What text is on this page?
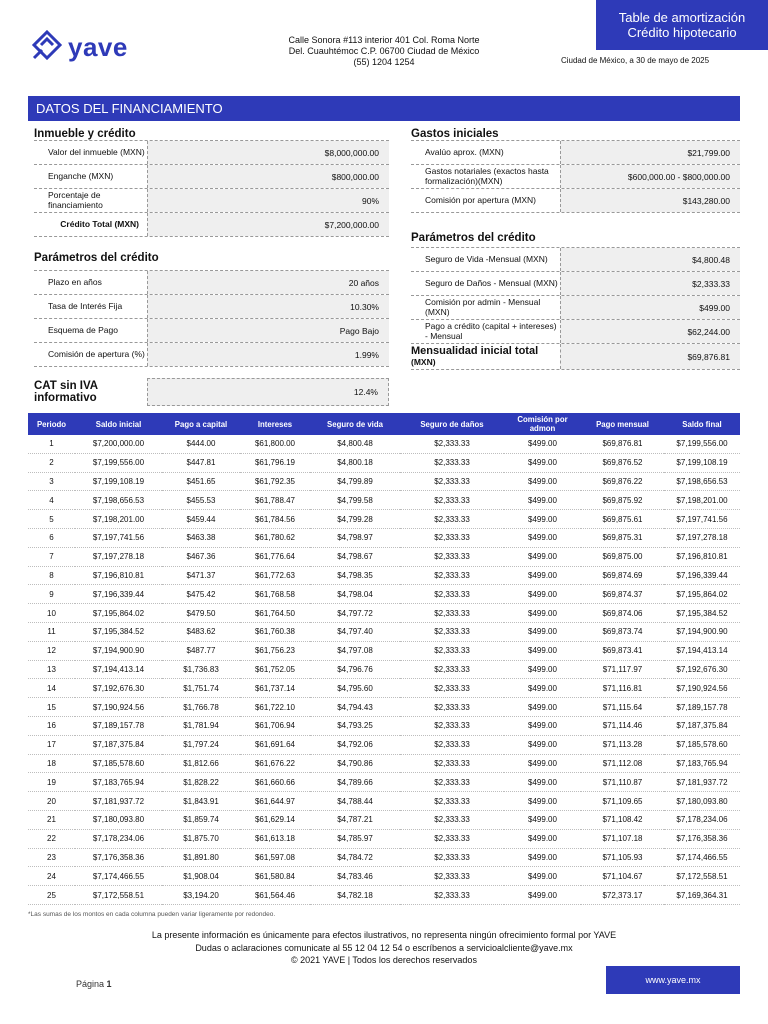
yave	Calle Sonora #113 interior 401 Col. Roma Norte
Del. Cuauhtémoc C.P. 06700 Ciudad de México
(55) 1204 1254	Ciudad de México, a 30 de mayo de 2025
Table de amortización
Crédito hipotecario
DATOS DEL FINANCIAMIENTO
Inmueble y crédito
Valor del inmueble (MXN)	$8,000,000.00
Enganche (MXN)	$800,000.00
Porcentaje de financiamiento	90%
Crédito Total (MXN)	$7,200,000.00
Parámetros del crédito
Plazo en años	20 años
Tasa de Interés Fija	10.30%
Esquema de Pago	Pago Bajo
Comisión de apertura (%)	1.99%
CAT sin IVA informativo	12.4%
Gastos iniciales
Avalúo aprox. (MXN)	$21,799.00
Gastos notariales (exactos hasta formalización)(MXN)	$600,000.00 - $800,000.00
Comisión por apertura (MXN)	$143,280.00
Parámetros del crédito
Seguro de Vida -Mensual (MXN)	$4,800.48
Seguro de Daños - Mensual (MXN)	$2,333.33
Comisión por admin - Mensual (MXN)	$499.00
Pago a crédito (capital + intereses) - Mensual	$62,244.00
Mensualidad inicial total
(MXN)	$69,876.81
Periodo	Saldo inicial	Pago a capital	Intereses	Seguro de vida	Seguro de daños	Comisión por admon	Pago mensual	Saldo final
1	$7,200,000.00	$444.00	$61,800.00	$4,800.48	$2,333.33	$499.00	$69,876.81	$7,199,556.00
2	$7,199,556.00	$447.81	$61,796.19	$4,800.18	$2,333.33	$499.00	$69,876.52	$7,199,108.19
3	$7,199,108.19	$451.65	$61,792.35	$4,799.89	$2,333.33	$499.00	$69,876.22	$7,198,656.53
4	$7,198,656.53	$455.53	$61,788.47	$4,799.58	$2,333.33	$499.00	$69,875.92	$7,198,201.00
5	$7,198,201.00	$459.44	$61,784.56	$4,799.28	$2,333.33	$499.00	$69,875.61	$7,197,741.56
6	$7,197,741.56	$463.38	$61,780.62	$4,798.97	$2,333.33	$499.00	$69,875.31	$7,197,278.18
7	$7,197,278.18	$467.36	$61,776.64	$4,798.67	$2,333.33	$499.00	$69,875.00	$7,196,810.81
8	$7,196,810.81	$471.37	$61,772.63	$4,798.35	$2,333.33	$499.00	$69,874.69	$7,196,339.44
9	$7,196,339.44	$475.42	$61,768.58	$4,798.04	$2,333.33	$499.00	$69,874.37	$7,195,864.02
10	$7,195,864.02	$479.50	$61,764.50	$4,797.72	$2,333.33	$499.00	$69,874.06	$7,195,384.52
11	$7,195,384.52	$483.62	$61,760.38	$4,797.40	$2,333.33	$499.00	$69,873.74	$7,194,900.90
12	$7,194,900.90	$487.77	$61,756.23	$4,797.08	$2,333.33	$499.00	$69,873.41	$7,194,413.14
13	$7,194,413.14	$1,736.83	$61,752.05	$4,796.76	$2,333.33	$499.00	$71,117.97	$7,192,676.30
14	$7,192,676.30	$1,751.74	$61,737.14	$4,795.60	$2,333.33	$499.00	$71,116.81	$7,190,924.56
15	$7,190,924.56	$1,766.78	$61,722.10	$4,794.43	$2,333.33	$499.00	$71,115.64	$7,189,157.78
16	$7,189,157.78	$1,781.94	$61,706.94	$4,793.25	$2,333.33	$499.00	$71,114.46	$7,187,375.84
17	$7,187,375.84	$1,797.24	$61,691.64	$4,792.06	$2,333.33	$499.00	$71,113.28	$7,185,578.60
18	$7,185,578.60	$1,812.66	$61,676.22	$4,790.86	$2,333.33	$499.00	$71,112.08	$7,183,765.94
19	$7,183,765.94	$1,828.22	$61,660.66	$4,789.66	$2,333.33	$499.00	$71,110.87	$7,181,937.72
20	$7,181,937.72	$1,843.91	$61,644.97	$4,788.44	$2,333.33	$499.00	$71,109.65	$7,180,093.80
21	$7,180,093.80	$1,859.74	$61,629.14	$4,787.21	$2,333.33	$499.00	$71,108.42	$7,178,234.06
22	$7,178,234.06	$1,875.70	$61,613.18	$4,785.97	$2,333.33	$499.00	$71,107.18	$7,176,358.36
23	$7,176,358.36	$1,891.80	$61,597.08	$4,784.72	$2,333.33	$499.00	$71,105.93	$7,174,466.55
24	$7,174,466.55	$1,908.04	$61,580.84	$4,783.46	$2,333.33	$499.00	$71,104.67	$7,172,558.51
25	$7,172,558.51	$3,194.20	$61,564.46	$4,782.18	$2,333.33	$499.00	$72,373.17	$7,169,364.31
*Las sumas de los montos en cada columna pueden variar ligeramente por redondeo.
La presente información es únicamente para efectos ilustrativos, no representa ningún ofrecimiento formal por YAVE
Dudas o aclaraciones comunicate al 55 12 04 12 54 o escríbenos a servicioalcliente@yave.mx
© 2021 YAVE | Todos los derechos reservados
Página 1	www.yave.mx
